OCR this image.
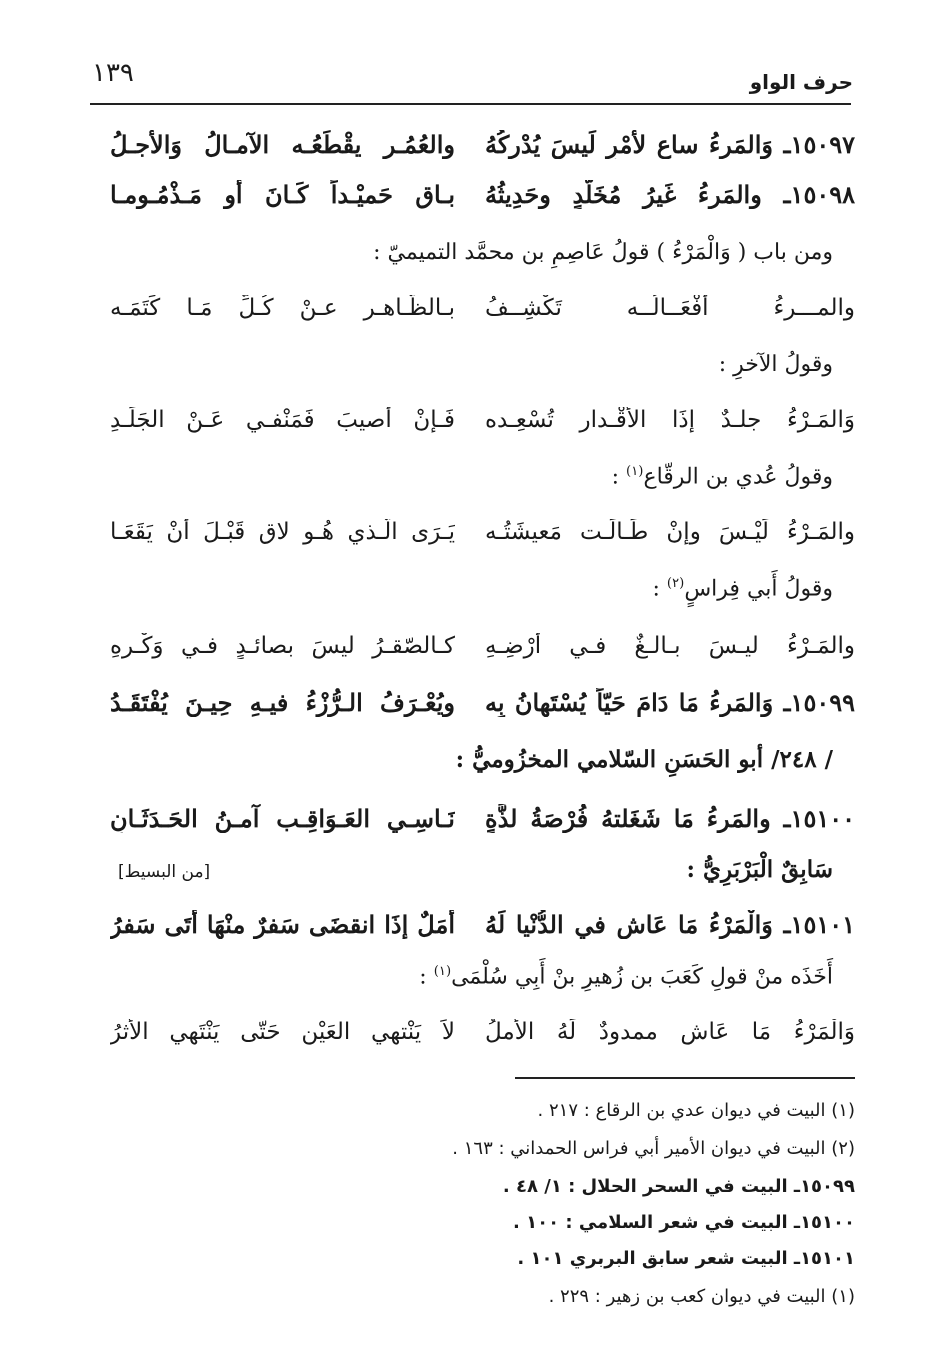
١٣٩	حرف الواو
١٥٠٩٧ـ وَالمَرءُ ساعٍ لأمْرٍ لَيسَ يُدْرِكُهُ
والعُمُـر يقْطَعُـه الآمـالُ وَالأَجـلُ
١٥٠٩٨ـ والمَرءُ غَيرُ مُخَلّدٍ وحَدِيثُهُ
بـاقٍ حَميْـداً كَـانَ أو مَـذْمُـومـا
ومن باب ( وَالْمَرْءُ ) قولُ عَاصِمِ بن محمَّد التميميّ :
والمـــرءُ أَفْعَــالُــه تَكْشِــفُ
بـالظّـاهـرِ عـنْ كُـلِّ مَـا كَتَمَـه
وقولُ الآخرِ :
وَالمَـرْءُ جلـدٌ إذَا الأَقْـدار تُسْعِـده
فَـإنْ أُصيبَ فَمَنْفـي عَـنْ الجَلَـدِ
وقولُ عُدي بن الرقّاع$^{(١)}$ :
والمَـرْءُ لَيْـسَ وإنْ طَـالَـت مَعيشَتُـه
يَـرَى الّـذي هُـو لاقٍ قَبْـلَ أَنْ يَقَعَـا
وقولُ أَبي فِراسٍ$^{(٢)}$ :
والمَـرْءُ ليـسَ بـالـغٌ فـي أَرْضِـهِ
كـالصّقـرُ ليسَ بصائـدٍ فـي وَكْـرِهِ
١٥٠٩٩ـ وَالمَرءُ مَا دَامَ حَيّاً يُسْتَهانُ بِه
ويُعْـرَفُ الـرُّزْءُ فيـهِ حِيـنَ يُفْتَقَـدُ
/ ٢٤٨/ أبو الحَسَنِ السّلامي المخزُوميُّ :
١٥١٠٠ـ والمَرءُ مَا شَغَلتهُ فُرْصَةُ لذَّةٍ
نَـاسِـي العَـوَاقِـب آمـنُ الحَـدَثَـانِ
سَابِقٌ الْبَرْبَرِيُّ :
[من البسيط]
١٥١٠١ـ وَالْمَرْءُ مَا عَاش في الدُّنْيا لَهُ
أَمَلٌ إذَا انقضَى سَفرٌ منْهَا أَتَى سَفرُ
أَخَذَه منْ قولِ كَعَبَ بن زُهيرِ بنْ أَبِي سُلْمَى$^{(١)}$ :
وَالْمَرْءُ مَا عَاش ممدودٌ لَهُ الأملُ
لاَ يَنْتهي العَيْنِ حَتّى يَنْتَهي الأثرُ
(١) البيت في ديوان عدي بن الرقاع : ٢١٧ .
(٢) البيت في ديوان الأمير أبي فراس الحمداني : ١٦٣ .
١٥٠٩٩ـ البيت في السحر الحلال : ١/ ٤٨ .
١٥١٠٠ـ البيت في شعر السلامي : ١٠٠ .
١٥١٠١ـ البيت شعر سابق البربري ١٠١ .
(١) البيت في ديوان كعب بن زهير : ٢٢٩ .
